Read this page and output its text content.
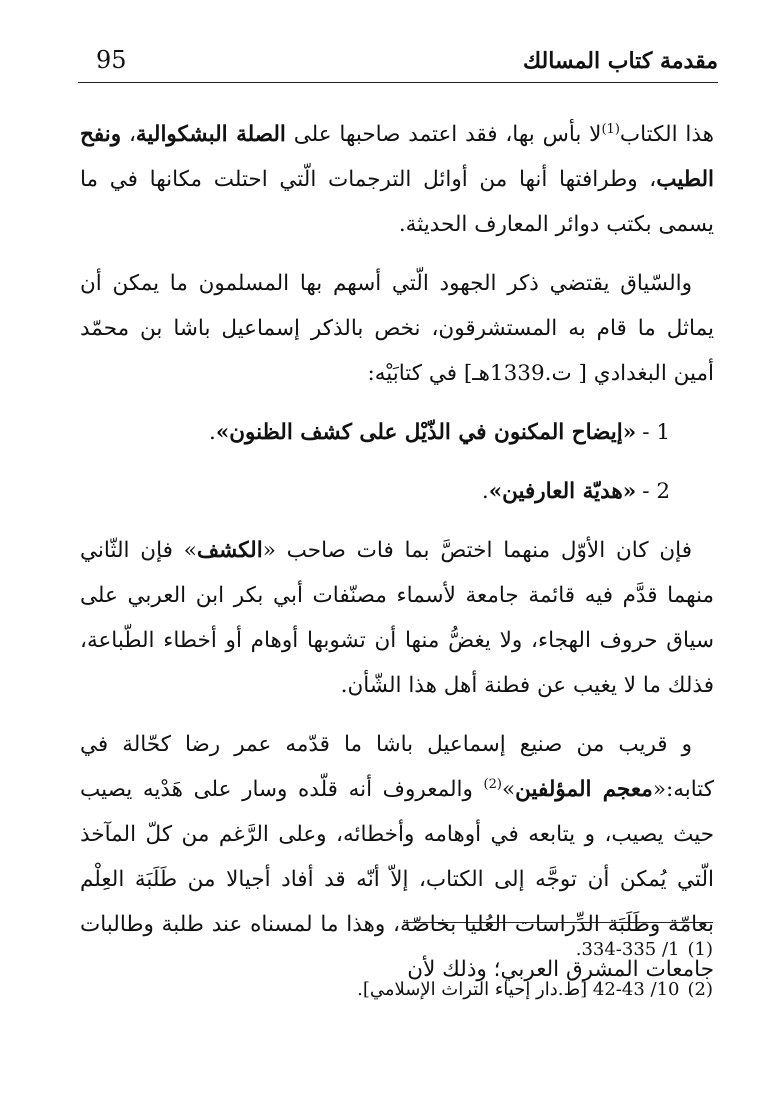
مقدمة كتاب المسالك
95

هذا الكتاب$^{(1)}$لا بأس بها، فقد اعتمد صاحبها على الصلة البشكوالية، ونفح الطيب، وطرافتها أنها من أوائل الترجمات الّتي احتلت مكانها في ما يسمى بكتب دوائر المعارف الحديثة.

والسّياق يقتضي ذكر الجهود الّتي أسهم بها المسلمون ما يمكن أن يماثل ما قام به المستشرقون، نخص بالذكر إسماعيل باشا بن محمّد أمين البغدادي [ ت.1339هـ] في كتابَيْه:

1 -«إيضاح المكنون في الذّيْل على كشف الظنون».

2 -«هديّة العارفين».

فإن كان الأوّل منهما اختصَّ بما فات صاحب «الكشف» فإن الثّاني منهما قدَّم فيه قائمة جامعة لأسماء مصنّفات أبي بكر ابن العربي على سياق حروف الهجاء، ولا يغضُّ منها أن تشوبها أوهام أو أخطاء الطّباعة، فذلك ما لا يغيب عن فطنة أهل هذا الشّأن.

و قريب من صنيع إسماعيل باشا ما قدّمه عمر رضا كحّالة في كتابه:«معجم المؤلفين»$^{(2)}$ والمعروف أنه قلّده وسار على هَدْيه يصيب حيث يصيب، و يتابعه في أوهامه وأخطائه، وعلى الرَّغم من كلّ المآخذ الّتي يُمكن أن توجَّه إلى الكتاب، إلاّ أنّه قد أفاد أجيالا من طَلَبَة العِلْم بعامّة وطَلَبَة الدِّراسات العُليا بخاصّة، وهذا ما لمسناه عند طلبة وطالبات جامعات المشرق العربي؛ وذلك لأن

(1)1/ 334-335.

(2)10/ 42-43 [ط.دار إحياء التراث الإسلامي].
